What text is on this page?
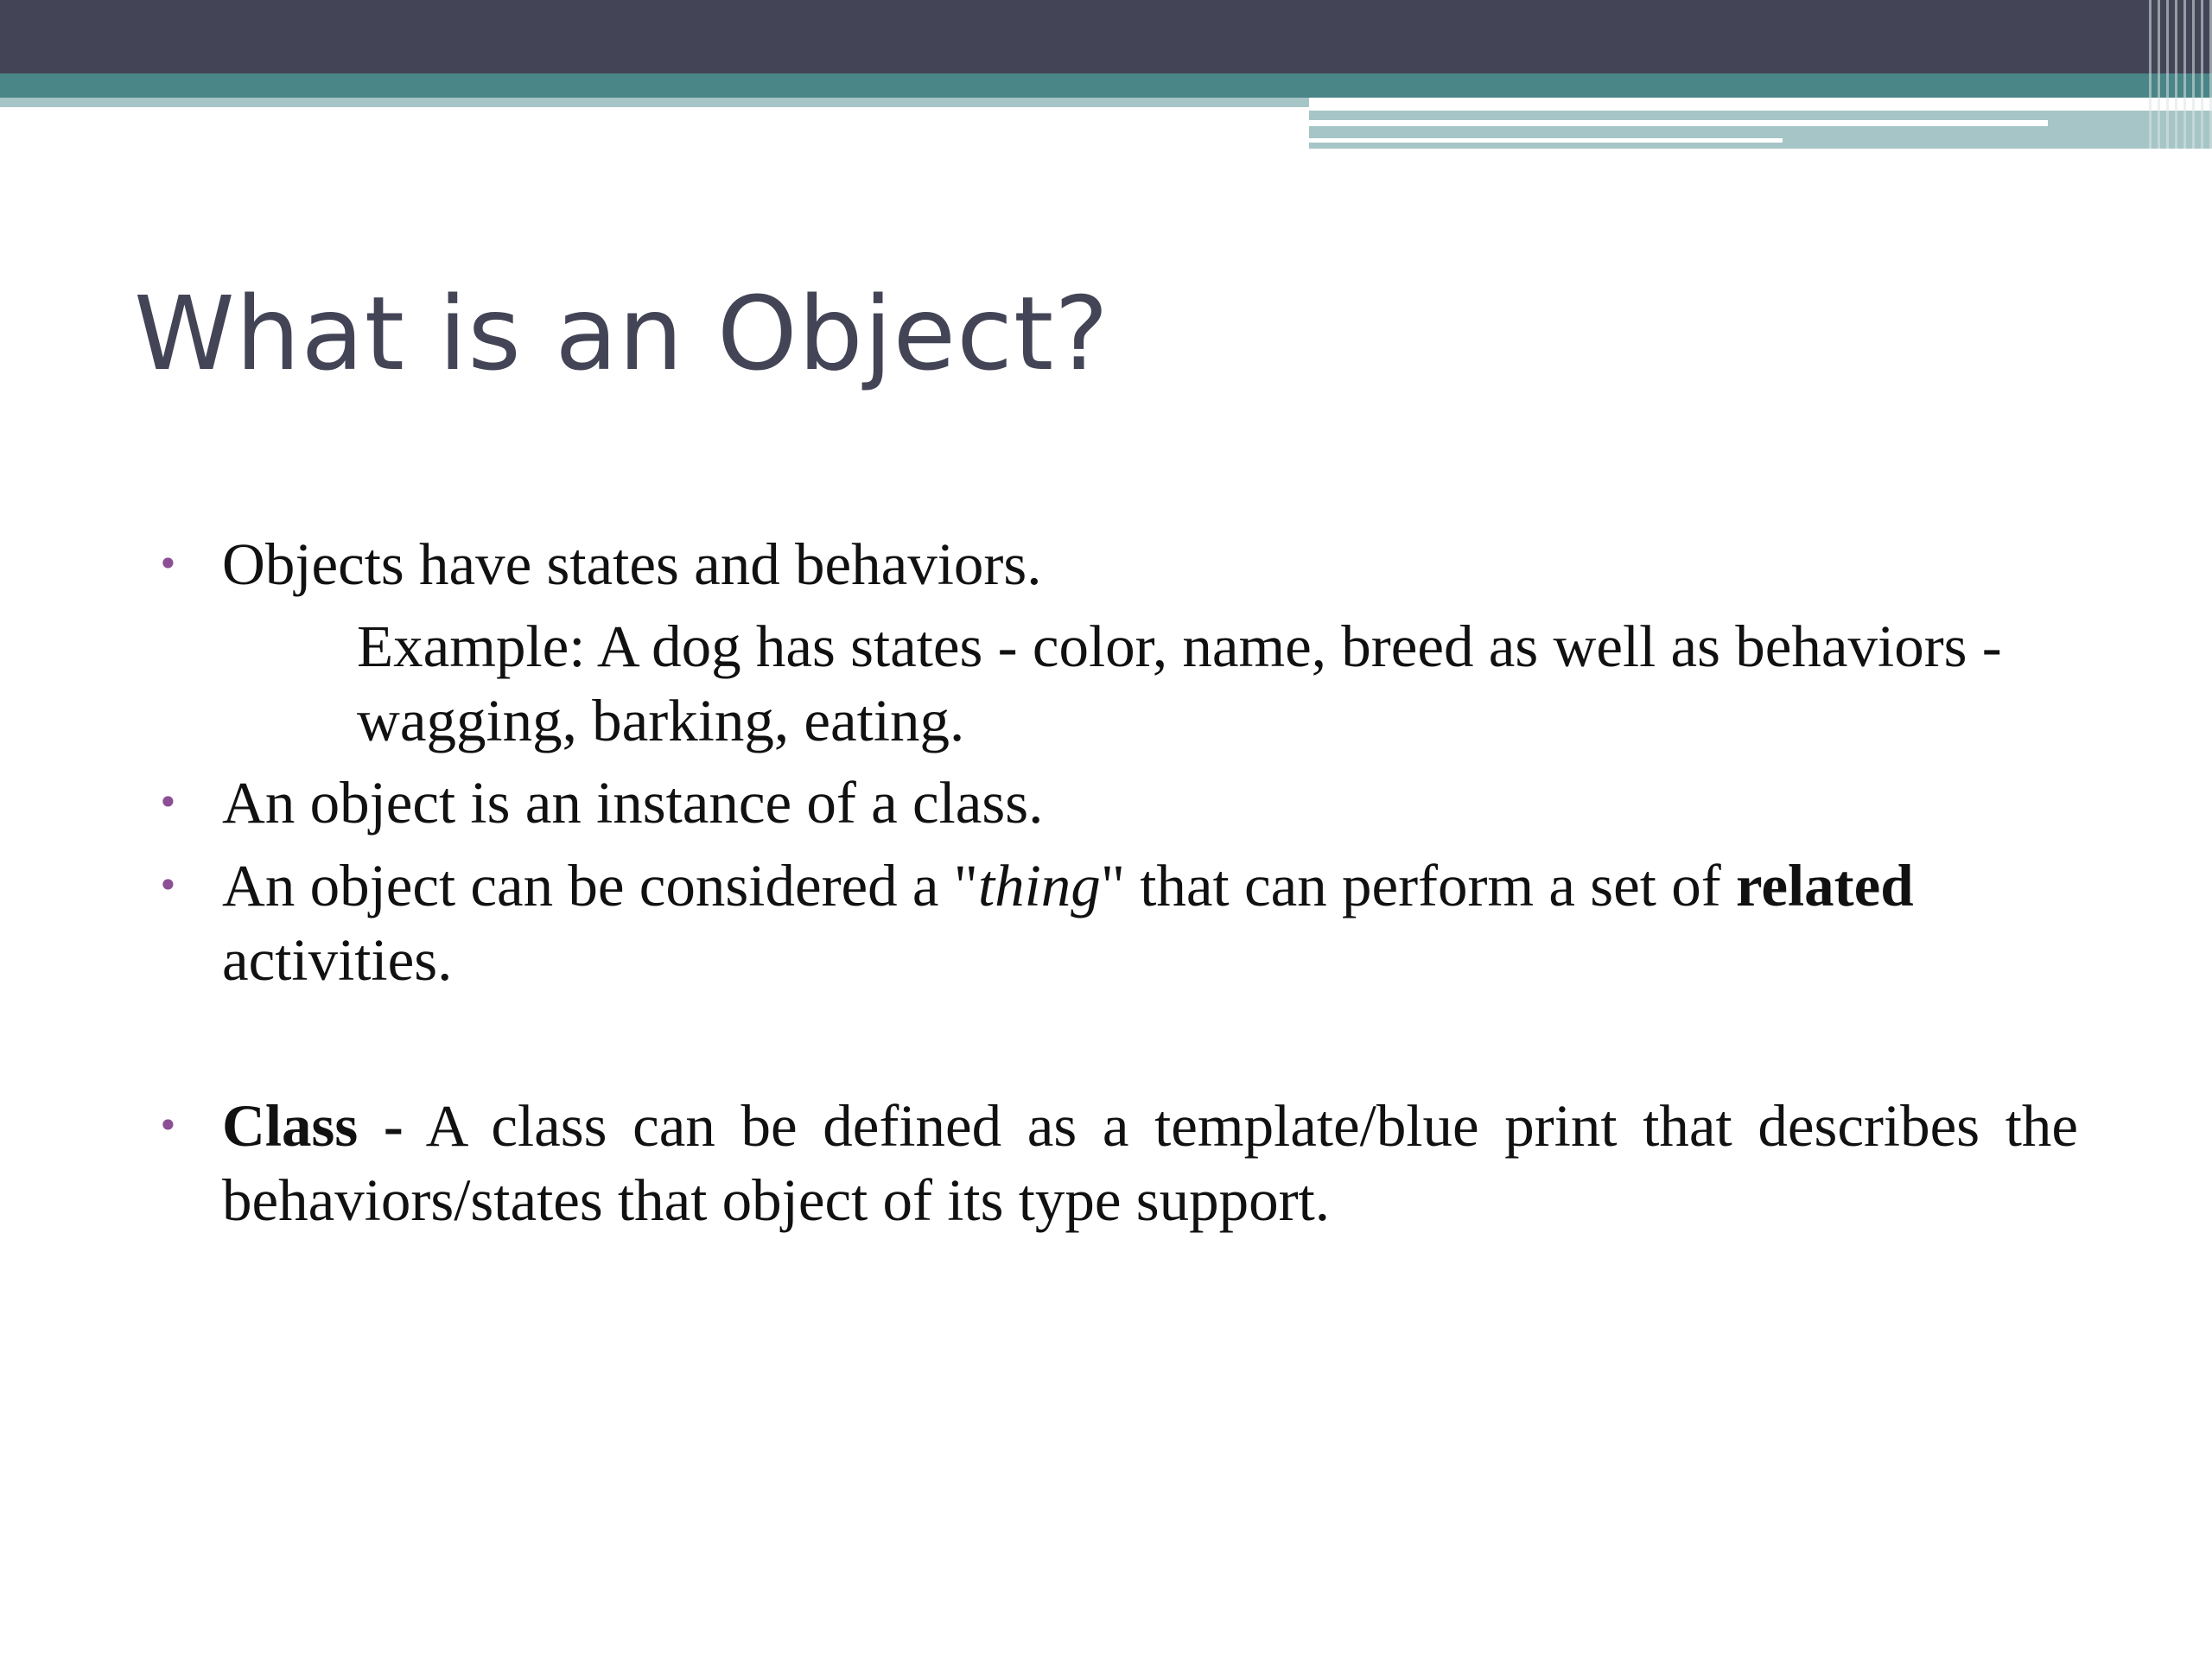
What is an Object?
• Objects have states and behaviors.
Example: A dog has states - color, name, breed as well as behaviors -wagging, barking, eating.
• An object is an instance of a class.
• An object can be considered a "thing" that can perform a set of related activities.
• Class - A class can be defined as a template/blue print that describes the behaviors/states that object of its type support.
